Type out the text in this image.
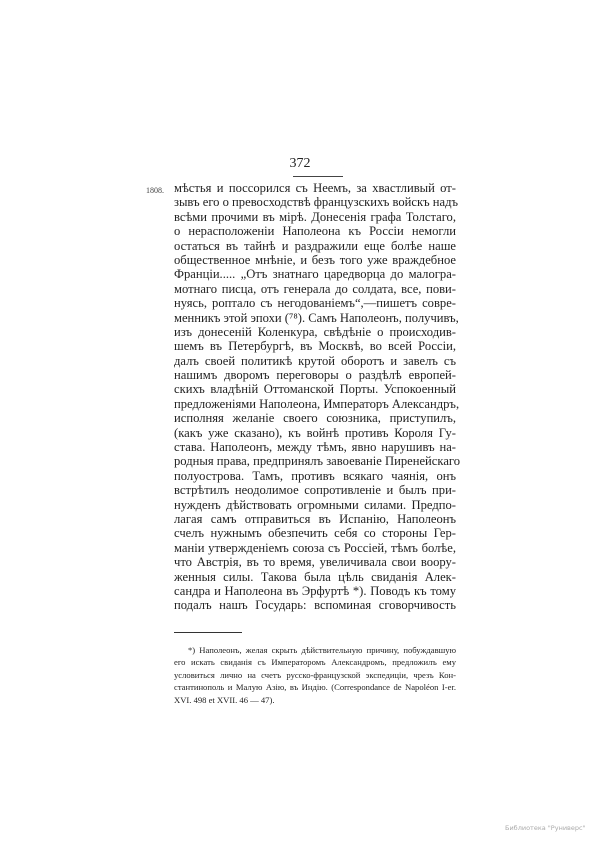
372
1808. мѣстья и поссорился съ Неемъ, за хвастливый от-
зывъ его о превосходствѣ французскихъ войскъ надъ
всѣми прочими въ мірѣ. Донесенія графа Толстаго,
о нерасположеніи Наполеона къ Россіи немогли
остаться въ тайнѣ и раздражили еще болѣе наше
общественное мнѣніе, и безъ того уже враждебное
Франціи..... „Отъ знатнаго царедворца до малогра-
мотнаго писца, отъ генерала до солдата, все, пови-
нуясь, роптало съ негодованіемъ“,—пишетъ совре-
менникъ этой эпохи (⁷⁸). Самъ Наполеонъ, получивъ,
изъ донесеній Коленкура, свѣдѣніе о происходив-
шемъ въ Петербургѣ, въ Москвѣ, во всей Россіи,
далъ своей политикѣ крутой оборотъ и завелъ съ
нашимъ дворомъ переговоры о раздѣлѣ европей-
скихъ владѣній Оттоманской Порты. Успокоенный
предложеніями Наполеона, Императоръ Александръ,
исполняя желаніе своего союзника, приступилъ,
(какъ уже сказано), къ войнѣ противъ Короля Гу-
става. Наполеонъ, между тѣмъ, явно нарушивъ на-
родныя права, предпринялъ завоеваніе Пиренейскаго
полуострова. Тамъ, противъ всякаго чаянія, онъ
встрѣтилъ неодолимое сопротивленіе и былъ при-
нужденъ дѣйствовать огромными силами. Предпо-
лагая самъ отправиться въ Испанію, Наполеонъ
счелъ нужнымъ обезпечить себя со стороны Гер-
маніи утвержденіемъ союза съ Россіей, тѣмъ болѣе,
что Австрія, въ то время, увеличивала свои воору-
женныя силы. Такова была цѣль свиданія Алек-
сандра и Наполеона въ Эрфуртѣ *). Поводъ къ тому
подалъ нашъ Государь: вспоминая сговорчивость
*) Наполеонъ, желая скрыть дѣйствительную причину, побуждавшую
его искать свиданія съ Императоромъ Александромъ, предложилъ ему
условиться лично на счетъ русско-французской экспедиціи, чрезъ Кон-
стантинополь и Малую Азію, въ Индію. (Correspondance de Napoléon I-er.
XVI. 498 et XVII. 46 — 47).
Библиотека "Руниверс"
